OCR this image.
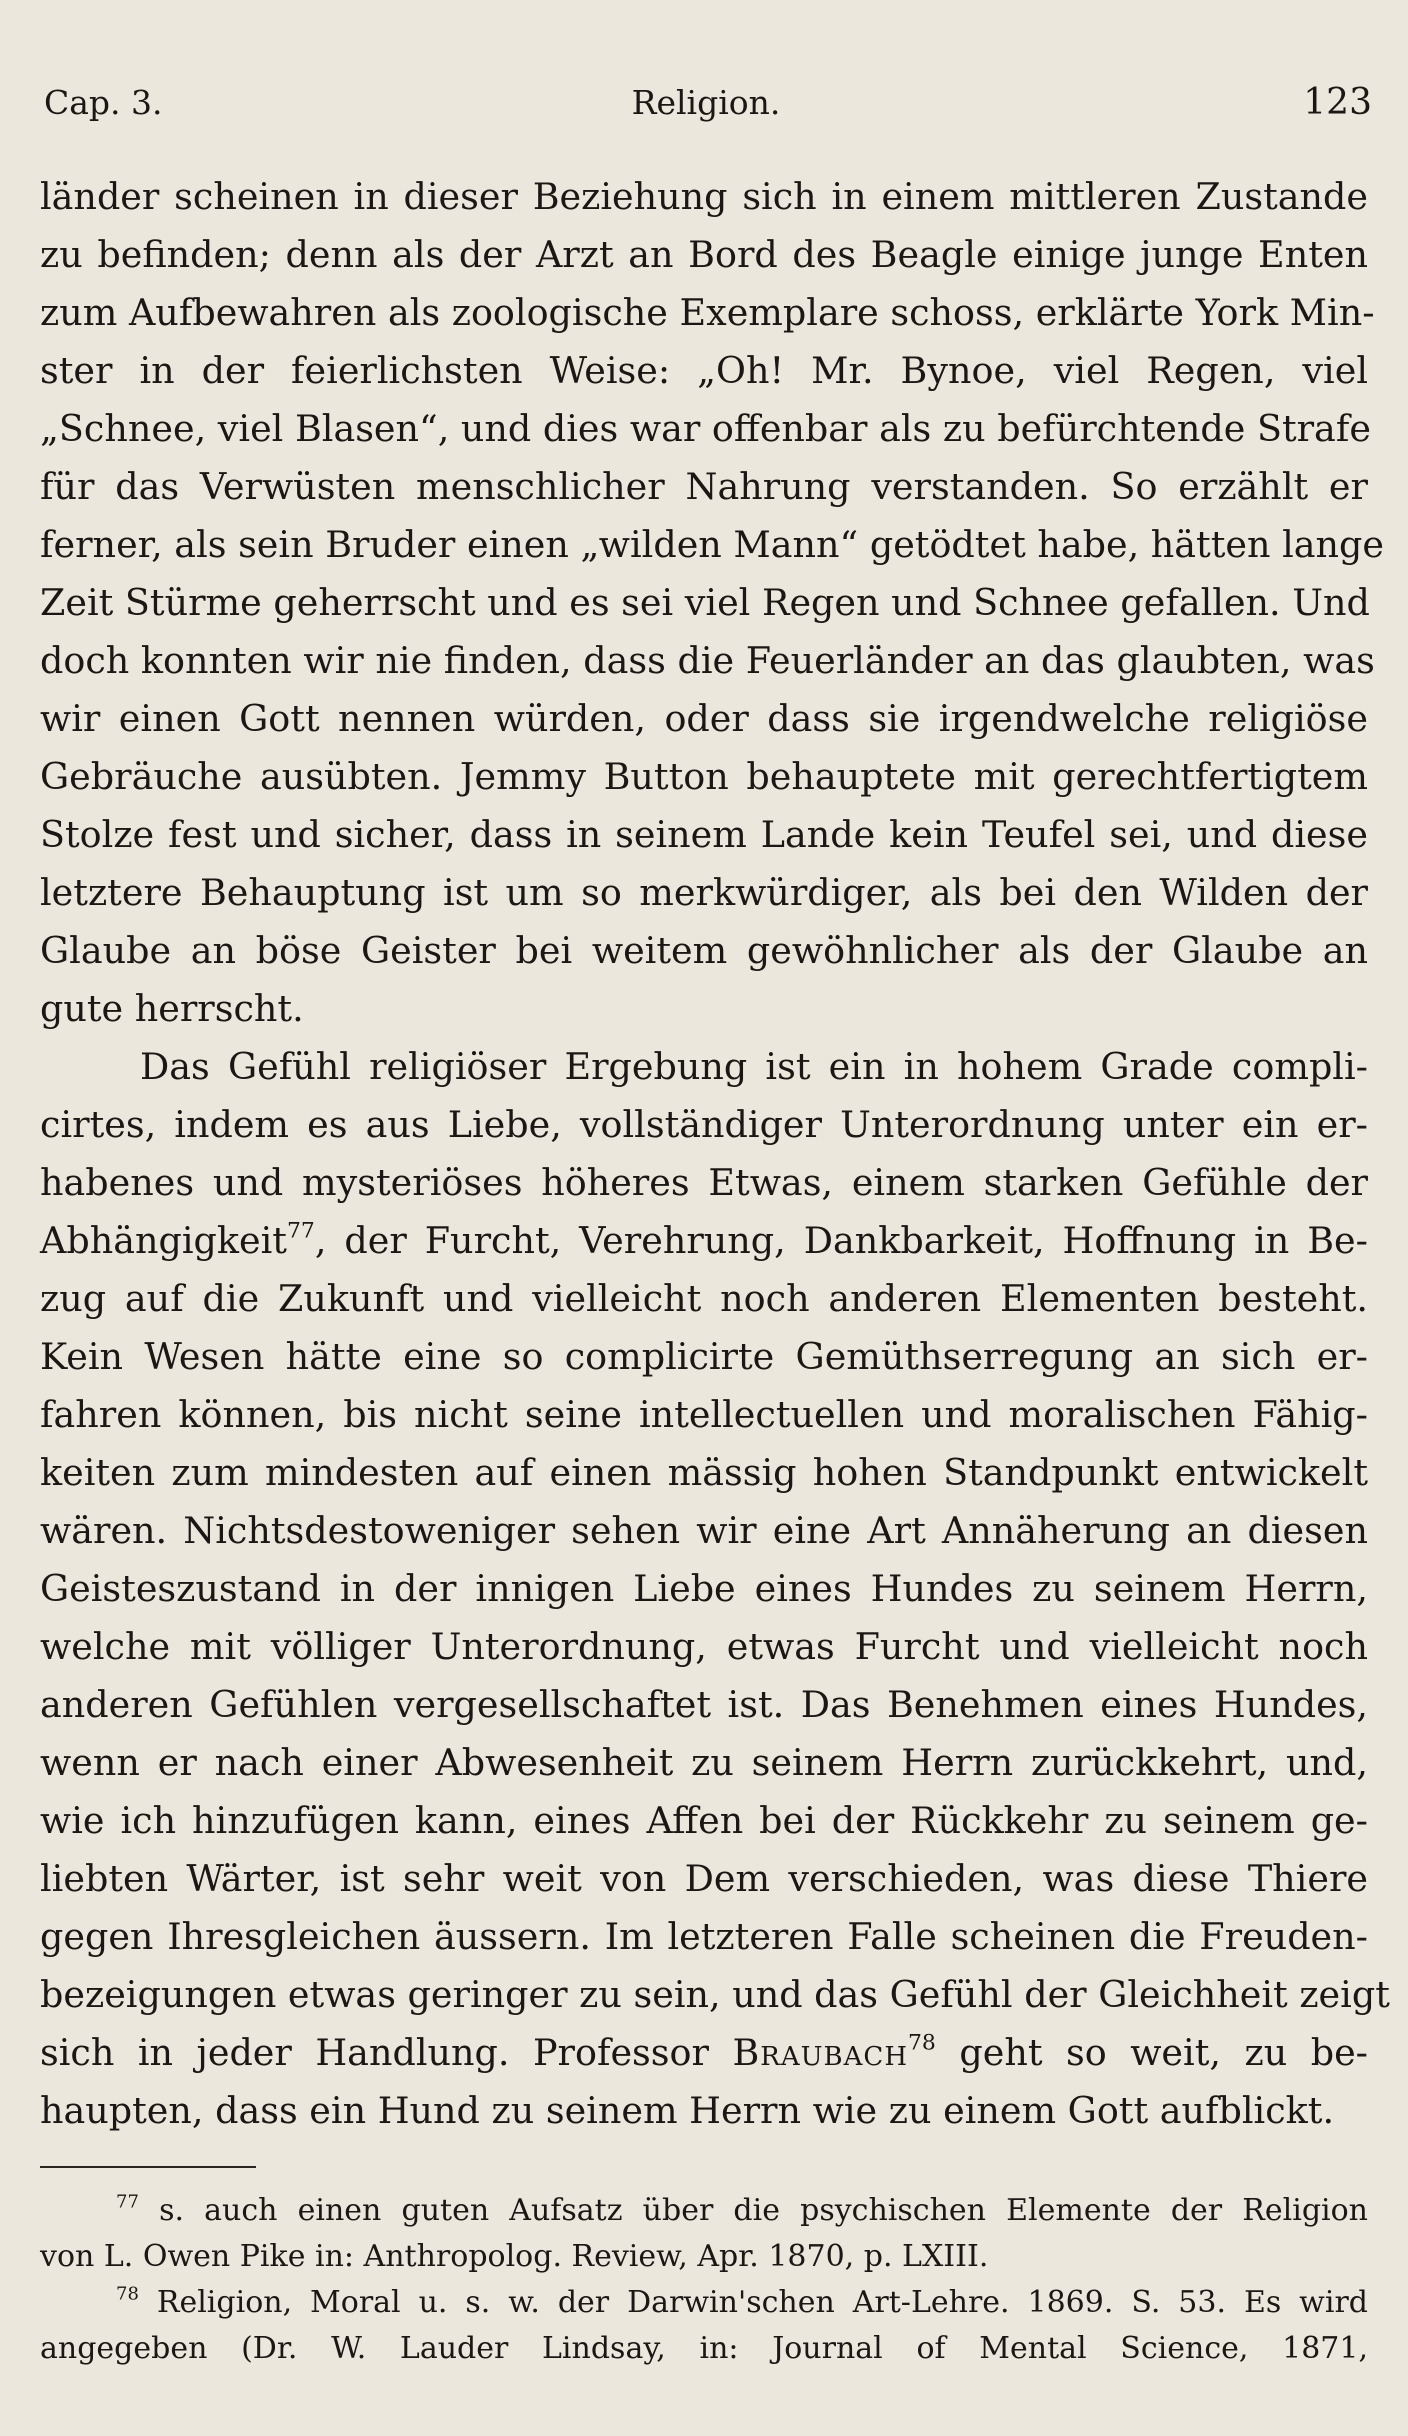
Cap. 3.	Religion.	123
länder scheinen in dieser Beziehung sich in einem mittleren Zustande
zu befinden; denn als der Arzt an Bord des Beagle einige junge Enten
zum Aufbewahren als zoologische Exemplare schoss, erklärte York Min-
ster in der feierlichsten Weise: „Oh! Mr. Bynoe, viel Regen, viel
„Schnee, viel Blasen“, und dies war offenbar als zu befürchtende Strafe
für das Verwüsten menschlicher Nahrung verstanden. So erzählt er
ferner, als sein Bruder einen „wilden Mann“ getödtet habe, hätten lange
Zeit Stürme geherrscht und es sei viel Regen und Schnee gefallen. Und
doch konnten wir nie finden, dass die Feuerländer an das glaubten, was
wir einen Gott nennen würden, oder dass sie irgendwelche religiöse
Gebräuche ausübten. Jemmy Button behauptete mit gerechtfertigtem
Stolze fest und sicher, dass in seinem Lande kein Teufel sei, und diese
letztere Behauptung ist um so merkwürdiger, als bei den Wilden der
Glaube an böse Geister bei weitem gewöhnlicher als der Glaube an
gute herrscht.
Das Gefühl religiöser Ergebung ist ein in hohem Grade compli-
cirtes, indem es aus Liebe, vollständiger Unterordnung unter ein er-
habenes und mysteriöses höheres Etwas, einem starken Gefühle der
Abhängigkeit$^{77}$, der Furcht, Verehrung, Dankbarkeit, Hoffnung in Be-
zug auf die Zukunft und vielleicht noch anderen Elementen besteht.
Kein Wesen hätte eine so complicirte Gemüthserregung an sich er-
fahren können, bis nicht seine intellectuellen und moralischen Fähig-
keiten zum mindesten auf einen mässig hohen Standpunkt entwickelt
wären. Nichtsdestoweniger sehen wir eine Art Annäherung an diesen
Geisteszustand in der innigen Liebe eines Hundes zu seinem Herrn,
welche mit völliger Unterordnung, etwas Furcht und vielleicht noch
anderen Gefühlen vergesellschaftet ist. Das Benehmen eines Hundes,
wenn er nach einer Abwesenheit zu seinem Herrn zurückkehrt, und,
wie ich hinzufügen kann, eines Affen bei der Rückkehr zu seinem ge-
liebten Wärter, ist sehr weit von Dem verschieden, was diese Thiere
gegen Ihresgleichen äussern. Im letzteren Falle scheinen die Freuden-
bezeigungen etwas geringer zu sein, und das Gefühl der Gleichheit zeigt
sich in jeder Handlung. Professor Braubach$^{78}$ geht so weit, zu be-
haupten, dass ein Hund zu seinem Herrn wie zu einem Gott aufblickt.
$^{77}$ s. auch einen guten Aufsatz über die psychischen Elemente der Religion
von L. Owen Pike in: Anthropolog. Review, Apr. 1870, p. LXIII.
$^{78}$ Religion, Moral u. s. w. der Darwin'schen Art-Lehre. 1869. S. 53. Es wird
angegeben (Dr. W. Lauder Lindsay, in: Journal of Mental Science, 1871,
